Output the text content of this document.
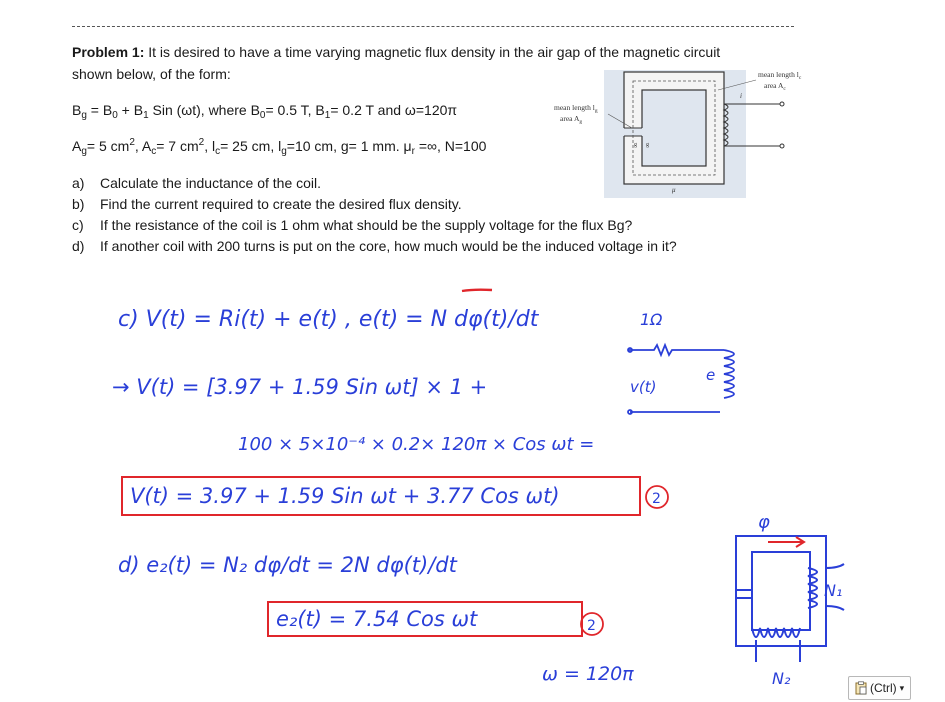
Problem 1: It is desired to have a time varying magnetic flux density in the air gap of the magnetic circuit
shown below, of the form:
$B_g = B_0 + B_1$ Sin (ωt), where $B_0= 0.5$ T, $B_1= 0.2$ T and ω=120π
$A_g= 5$ $cm^2$, $A_c= 7$ $cm^2$, $l_c= 25$ cm, $l_g=10$ cm, g= 1 mm. $\mu_r$ =∞, N=100
a) Calculate the inductance of the coil.
b) Find the current required to create the desired flux density.
c) If the resistance of the coil is 1 ohm what should be the supply voltage for the flux Bg?
d) If another coil with 200 turns is put on the core, how much would be the induced voltage in it?
mean length $l_c$
area $A_c$
mean length $l_g$
area $A_g$
i
μ
g
g
c) V(t) = Ri(t) + e(t) , e(t) = N dφ(t)/dt
→ V(t) = [3.97 + 1.59 Sin ωt] × 1 +
100 × 5×10⁻⁴ × 0.2× 120π × Cos ωt =
V(t) = 3.97 + 1.59 Sin ωt + 3.77 Cos ωt)
d) e₂(t) = N₂ dφ/dt = 2N dφ(t)/dt
e₂(t) = 7.54 Cos ωt
ω = 120π
1Ω
v(t)
e
φ
N₁
N₂
2
2
(Ctrl) ▾
